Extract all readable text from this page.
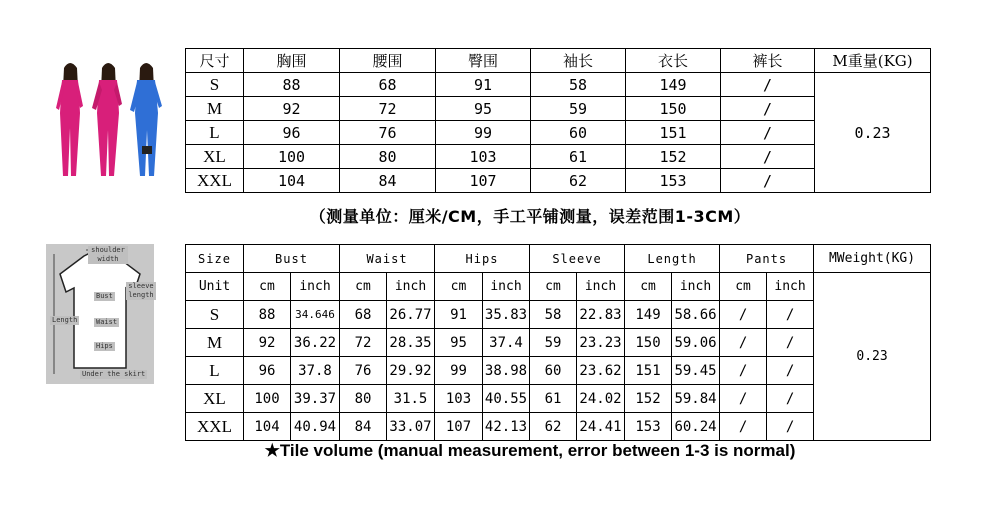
尺寸	胸围	腰围	臀围	袖长	衣长	裤长	M重量(KG)
S	88	68	91	58	149	/	0.23
M	92	72	95	59	150	/	
L	96	76	99	60	151	/	
XL	100	80	103	61	152	/	
XXL	104	84	107	62	153	/	
（测量单位：厘米/CM，手工平铺测量，误差范围1-3CM）
shoulder width
sleeve length
Length
Bust
Waist
Hips
Under the skirt
Size	Bust		Waist		Hips		Sleeve		Length		Pants		MWeight(KG)
Unit	cm	inch	cm	inch	cm	inch	cm	inch	cm	inch	cm	inch	0.23
S	88	34.646	68	26.77	91	35.83	58	22.83	149	58.66	/	/	
M	92	36.22	72	28.35	95	37.4	59	23.23	150	59.06	/	/	
L	96	37.8	76	29.92	99	38.98	60	23.62	151	59.45	/	/	
XL	100	39.37	80	31.5	103	40.55	61	24.02	152	59.84	/	/	
XXL	104	40.94	84	33.07	107	42.13	62	24.41	153	60.24	/	/	
★Tile volume (manual measurement, error between 1-3 is normal)
